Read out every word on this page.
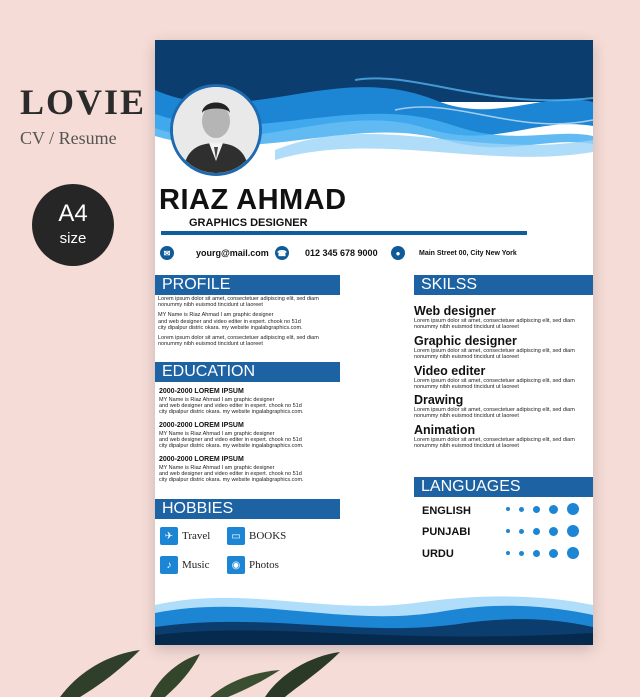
LOVIE
CV / Resume
A4
size
RIAZ AHMAD
GRAPHICS DESIGNER
✉	yourg@mail.com ☎ 012 345 678 9000	●	Main Street 00, City New York
PROFILE
Lorem ipsum dolor sit amet, consectetuer adipiscing elit, sed diam
nonummy nibh euismod tincidunt ut laoreet
MY Name is Riaz Ahmad I am graphic designer
and web designer and video editer in expert. chook no 51d
city dipalpur distric okara. my website ingalabgraphics.com.
Lorem ipsum dolor sit amet, consectetuer adipiscing elit, sed diam
nonummy nibh euismod tincidunt ut laoreet
EDUCATION
2000-2000 LOREM IPSUM
MY Name is Riaz Ahmad I am graphic designer
and web designer and video editer in expert. chook no 51d
city dipalpur distric okara. my website ingalabgraphics.com.
2000-2000 LOREM IPSUM
MY Name is Riaz Ahmad I am graphic designer
and web designer and video editer in expert. chook no 51d
city dipalpur distric okara. my website ingalabgraphics.com.
2000-2000 LOREM IPSUM
MY Name is Riaz Ahmad I am graphic designer
and web designer and video editer in expert. chook no 51d
city dipalpur distric okara. my website ingalabgraphics.com.
HOBBIES
✈ Travel	▭ BOOKS
♪ Music	◉ Photos
SKILSS
Web designer
Lorem ipsum dolor sit amet, consectetuer adipiscing elit, sed diam
nonummy nibh euismod tincidunt ut laoreet
Graphic designer
Lorem ipsum dolor sit amet, consectetuer adipiscing elit, sed diam
nonummy nibh euismod tincidunt ut laoreet
Video editer
Lorem ipsum dolor sit amet, consectetuer adipiscing elit, sed diam
nonummy nibh euismod tincidunt ut laoreet
Drawing
Lorem ipsum dolor sit amet, consectetuer adipiscing elit, sed diam
nonummy nibh euismod tincidunt ut laoreet
Animation
Lorem ipsum dolor sit amet, consectetuer adipiscing elit, sed diam
nonummy nibh euismod tincidunt ut laoreet
LANGUAGES
ENGLISH
PUNJABI
URDU
